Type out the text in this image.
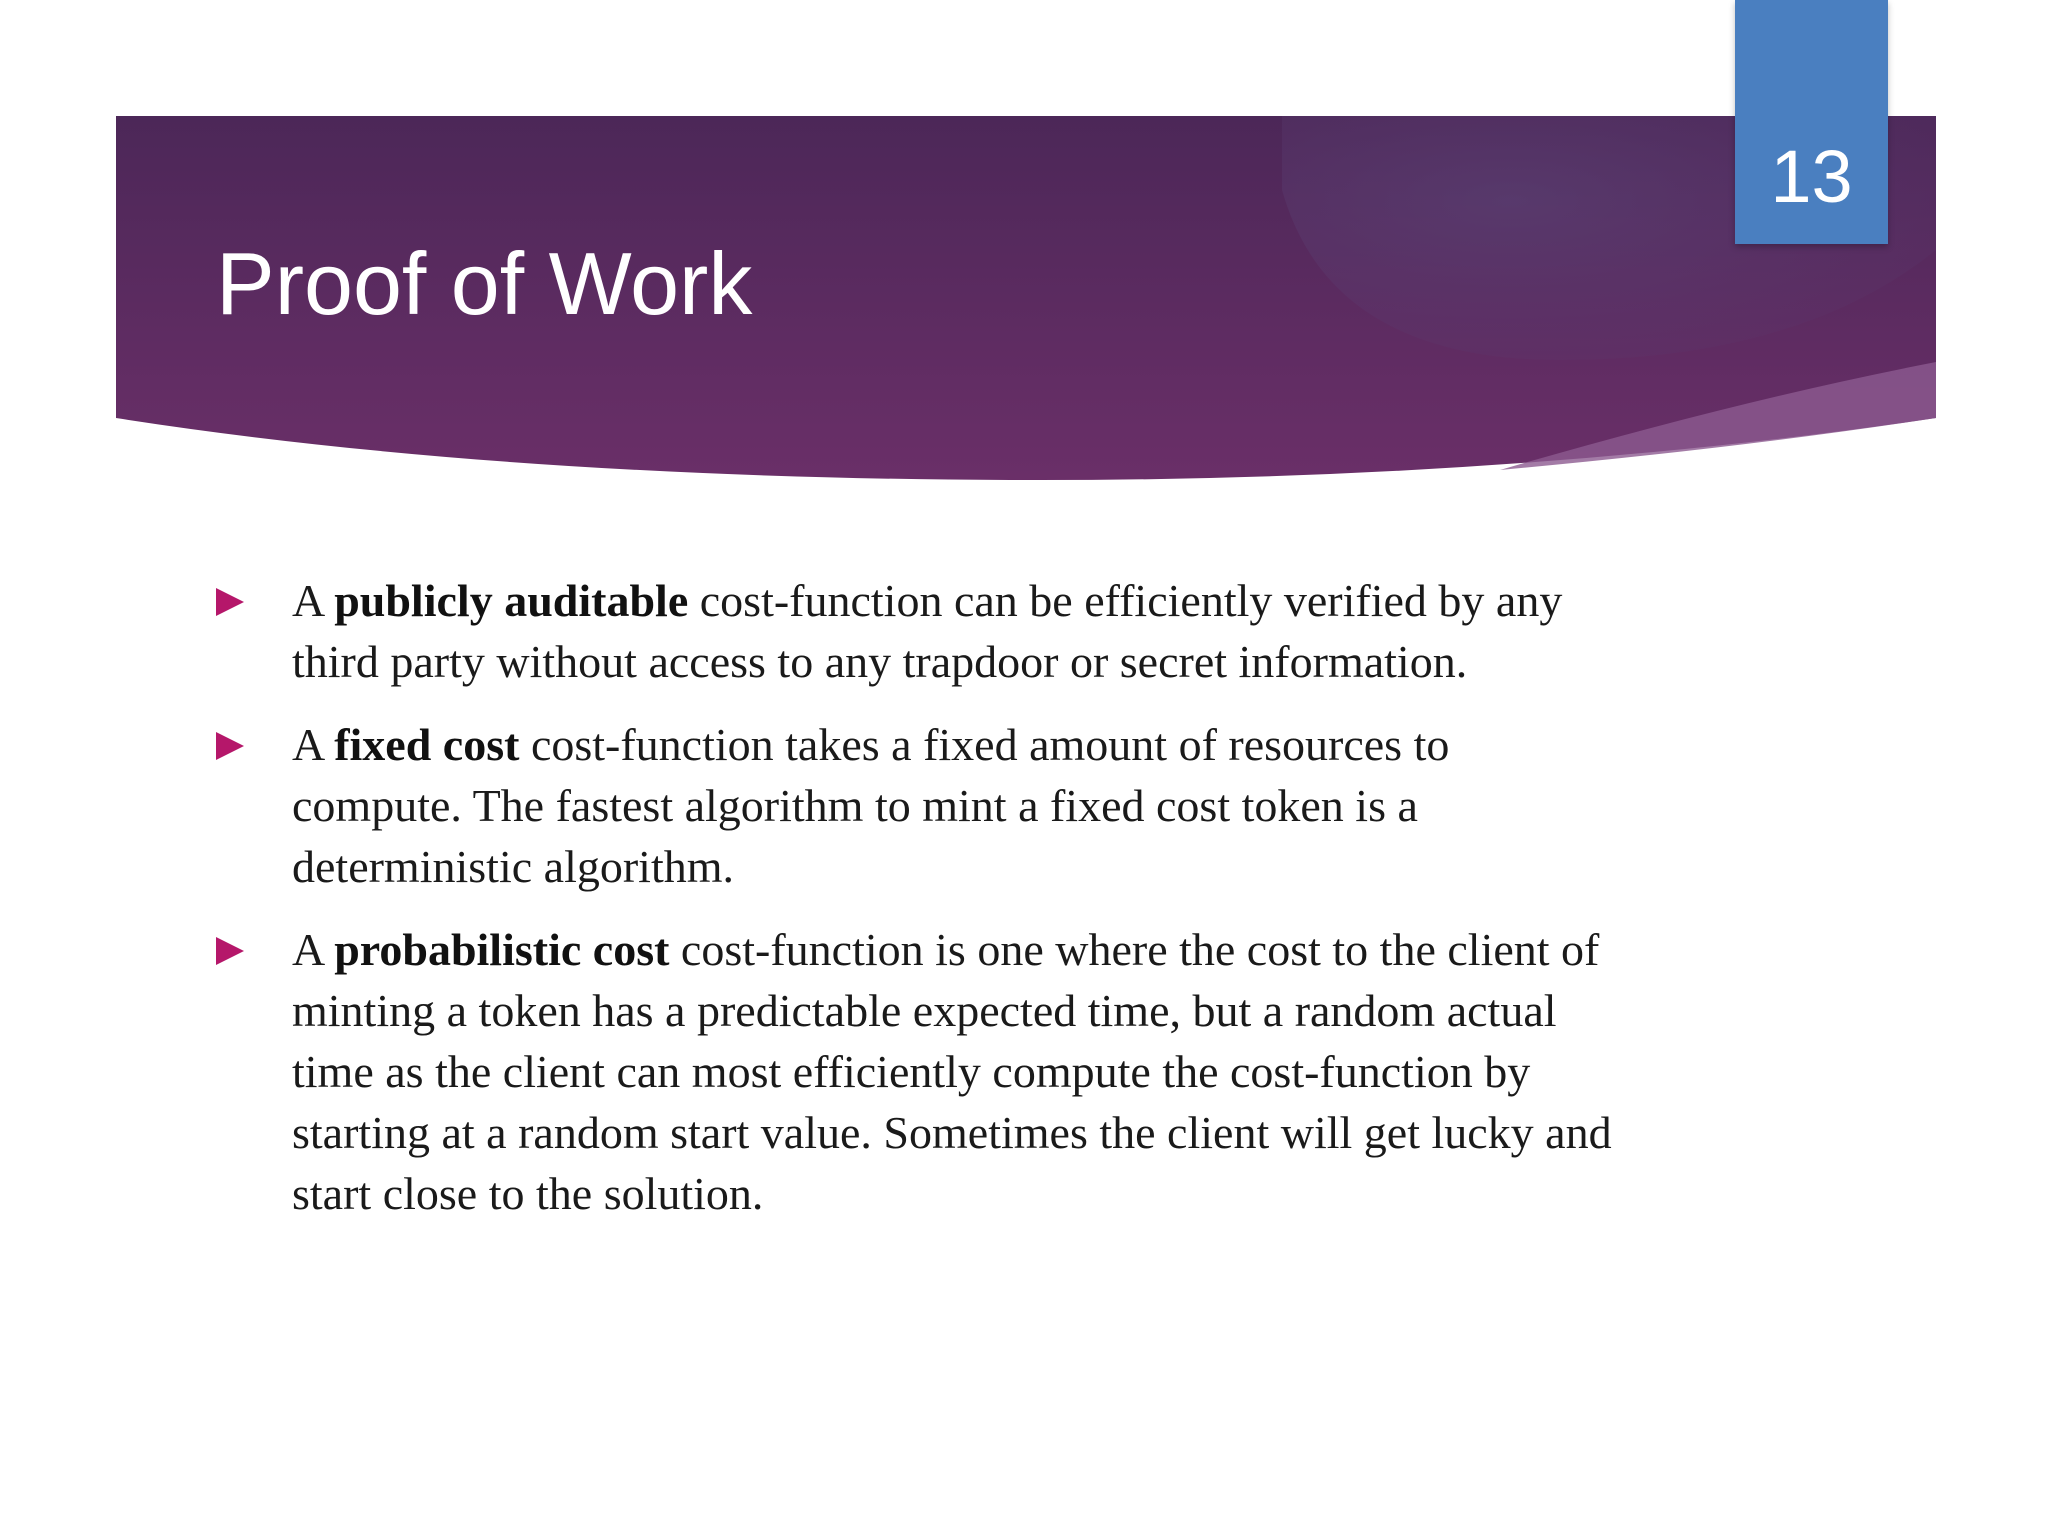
Proof of Work
13
A publicly auditable cost-function can be efficiently verified by any third party without access to any trapdoor or secret information.
A fixed cost cost-function takes a fixed amount of resources to compute. The fastest algorithm to mint a fixed cost token is a deterministic algorithm.
A probabilistic cost cost-function is one where the cost to the client of minting a token has a predictable expected time, but a random actual time as the client can most efficiently compute the cost-function by starting at a random start value. Sometimes the client will get lucky and start close to the solution.
